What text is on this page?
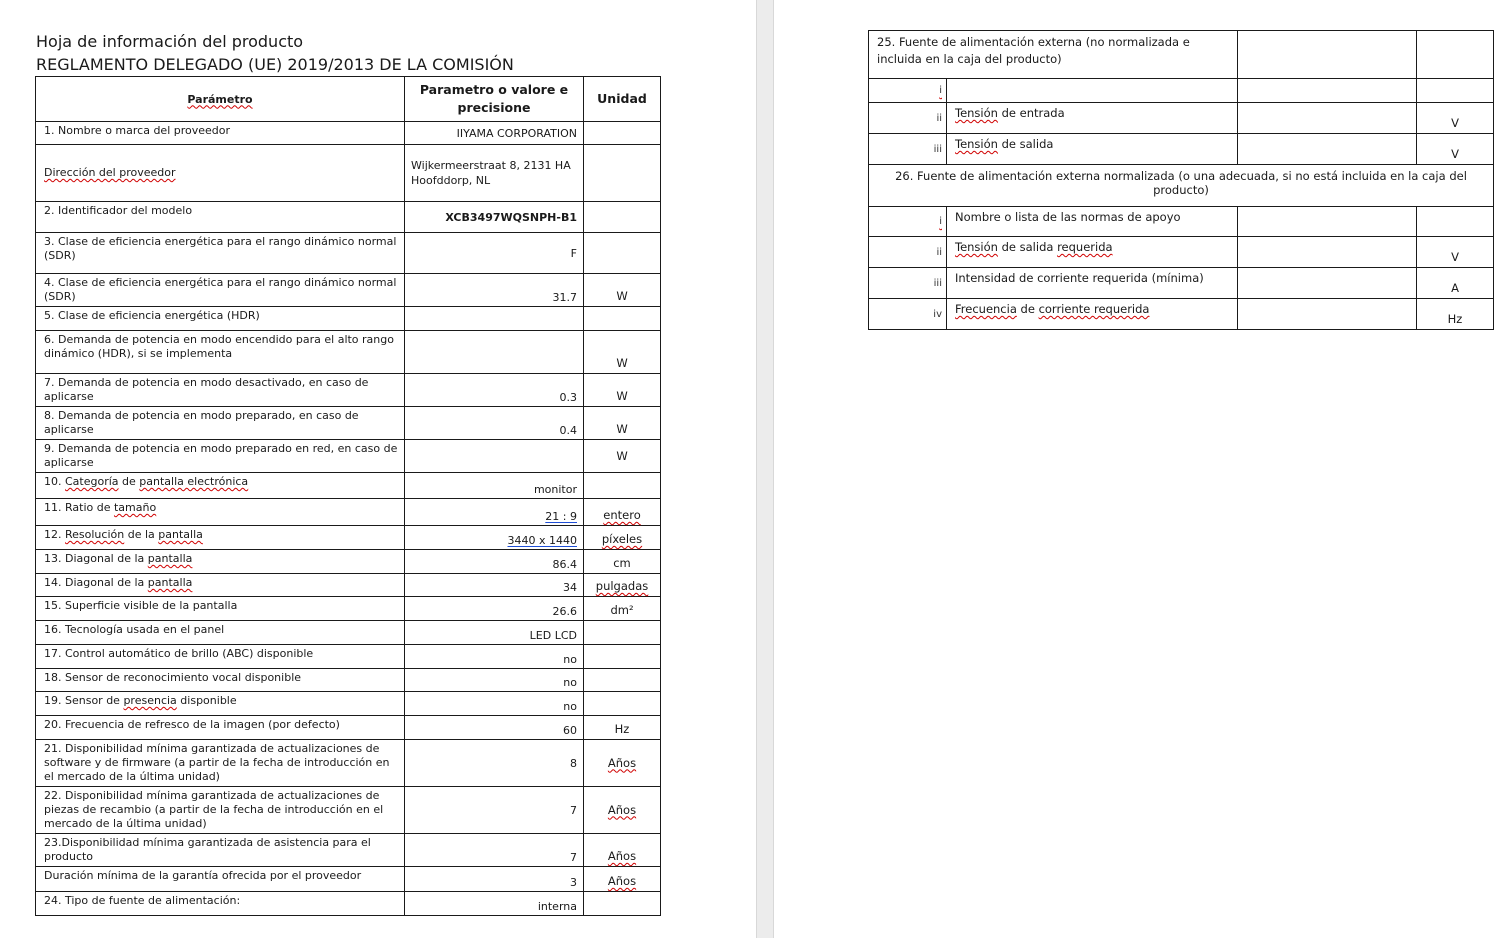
Hoja de información del producto
REGLAMENTO DELEGADO (UE) 2019/2013 DE LA COMISIÓN
Parámetro	Parametro o valore e precisione	Unidad
1. Nombre o marca del proveedor	IIYAMA CORPORATION	
Dirección del proveedor	Wijkermeerstraat 8, 2131 HA Hoofddorp, NL	
2. Identificador del modelo	XCB3497WQSNPH-B1	
3. Clase de eficiencia energética para el rango dinámico normal (SDR)	F	
4. Clase de eficiencia energética para el rango dinámico normal (SDR)	31.7	W
5. Clase de eficiencia energética (HDR)		
6. Demanda de potencia en modo encendido para el alto rango dinámico (HDR), si se implementa		W
7. Demanda de potencia en modo desactivado, en caso de aplicarse	0.3	W
8. Demanda de potencia en modo preparado, en caso de aplicarse	0.4	W
9. Demanda de potencia en modo preparado en red, en caso de aplicarse		W
10. Categoría de pantalla electrónica	monitor	
11. Ratio de tamaño	21 : 9	entero
12. Resolución de la pantalla	3440 x 1440	píxeles
13. Diagonal de la pantalla	86.4	cm
14. Diagonal de la pantalla	34	pulgadas
15. Superficie visible de la pantalla	26.6	dm²
16. Tecnología usada en el panel	LED LCD	
17. Control automático de brillo (ABC) disponible	no	
18. Sensor de reconocimiento vocal disponible	no	
19. Sensor de presencia disponible	no	
20. Frecuencia de refresco de la imagen (por defecto)	60	Hz
21. Disponibilidad mínima garantizada de actualizaciones de software y de firmware (a partir de la fecha de introducción en el mercado de la última unidad)	8	Años
22. Disponibilidad mínima garantizada de actualizaciones de piezas de recambio (a partir de la fecha de introducción en el mercado de la última unidad)	7	Años
23.Disponibilidad mínima garantizada de asistencia para el producto	7	Años
Duración mínima de la garantía ofrecida por el proveedor	3	Años
24. Tipo de fuente de alimentación:	interna	
25. Fuente de alimentación externa (no normalizada e incluida en la caja del producto)			
i			
ii	Tensión de entrada		V
iii	Tensión de salida		V
26. Fuente de alimentación externa normalizada (o una adecuada, si no está incluida en la caja del producto)			
i	Nombre o lista de las normas de apoyo		
ii	Tensión de salida requerida		V
iii	Intensidad de corriente requerida (mínima)		A
iv	Frecuencia de corriente requerida		Hz
